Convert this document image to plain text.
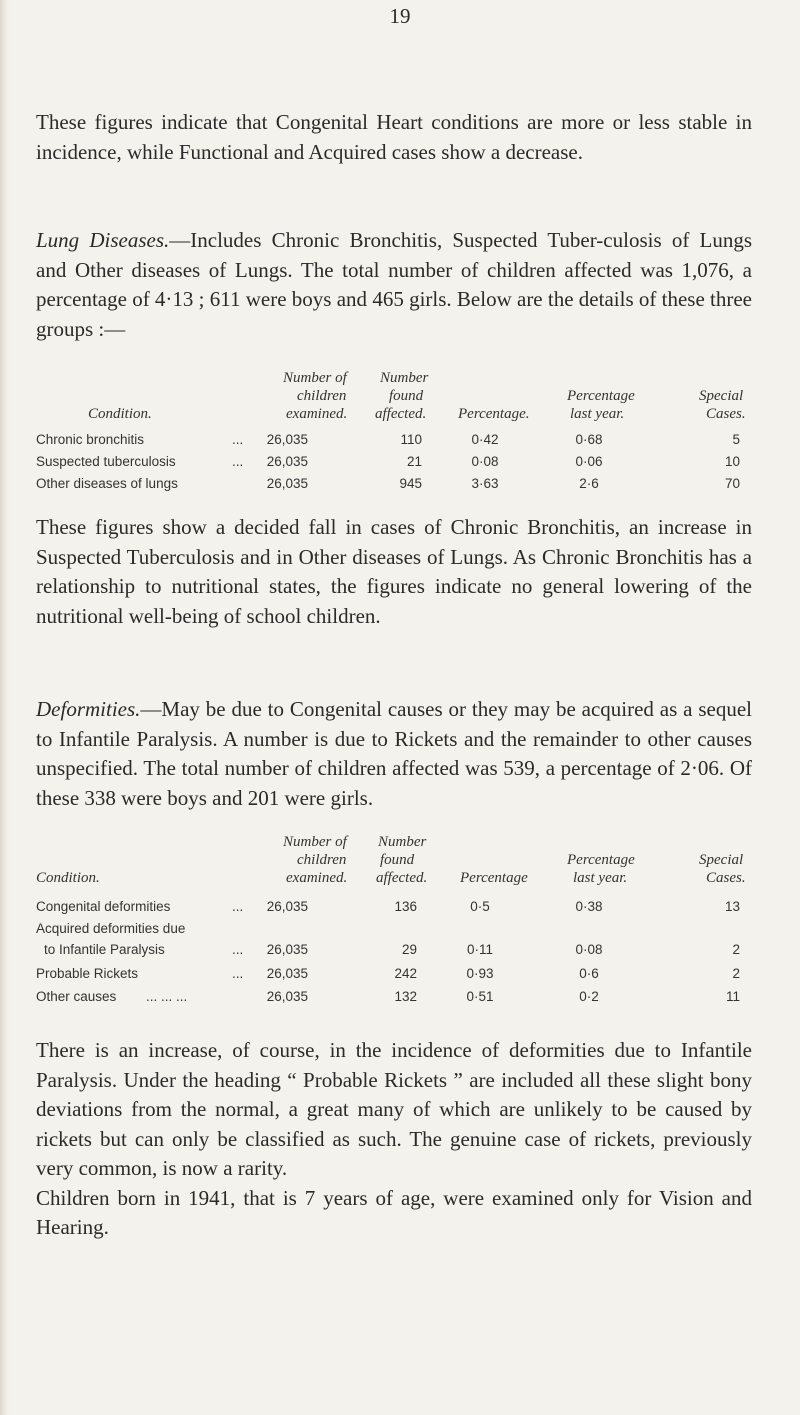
19

These figures indicate that Congenital Heart conditions are more or less stable in incidence, while Functional and Acquired cases show a decrease.

Lung Diseases.—Includes Chronic Bronchitis, Suspected Tuber-culosis of Lungs and Other diseases of Lungs. The total number of children affected was 1,076, a percentage of 4·13 ; 611 were boys and 465 girls. Below are the details of these three groups :—

Number of Number
children	found	Percentage	Special
Condition.	examined. affected. Percentage.	last year.	Cases.
Chronic bronchitis	...	26,035	110	0·42	0·68	5
Suspected tuberculosis	...	26,035	21	0·08	0·06	10
Other diseases of lungs	26,035	945	3·63	2·6	70

These figures show a decided fall in cases of Chronic Bronchitis, an increase in Suspected Tuberculosis and in Other diseases of Lungs. As Chronic Bronchitis has a relationship to nutritional states, the figures indicate no general lowering of the nutritional well-being of school children.

Deformities.—May be due to Congenital causes or they may be acquired as a sequel to Infantile Paralysis. A number is due to Rickets and the remainder to other causes unspecified. The total number of children affected was 539, a percentage of 2·06. Of these 338 were boys and 201 were girls.

Number of Number
children found	Percentage	Special
Condition.	examined. affected. Percentage	last year.	Cases.
Congenital deformities	...	26,035	136	0·5	0·38	13
Acquired deformities due
to Infantile Paralysis	...	26,035	29	0·11	0·08	2
Probable Rickets	...	26,035	242	0·93	0·6	2
Other causes ... ... ...	26,035	132	0·51	0·2	11

There is an increase, of course, in the incidence of deformities due to Infantile Paralysis. Under the heading “ Probable Rickets ” are included all these slight bony deviations from the normal, a great many of which are unlikely to be caused by rickets but can only be classified as such. The genuine case of rickets, previously very common, is now a rarity.
Children born in 1941, that is 7 years of age, were examined only for Vision and Hearing.
